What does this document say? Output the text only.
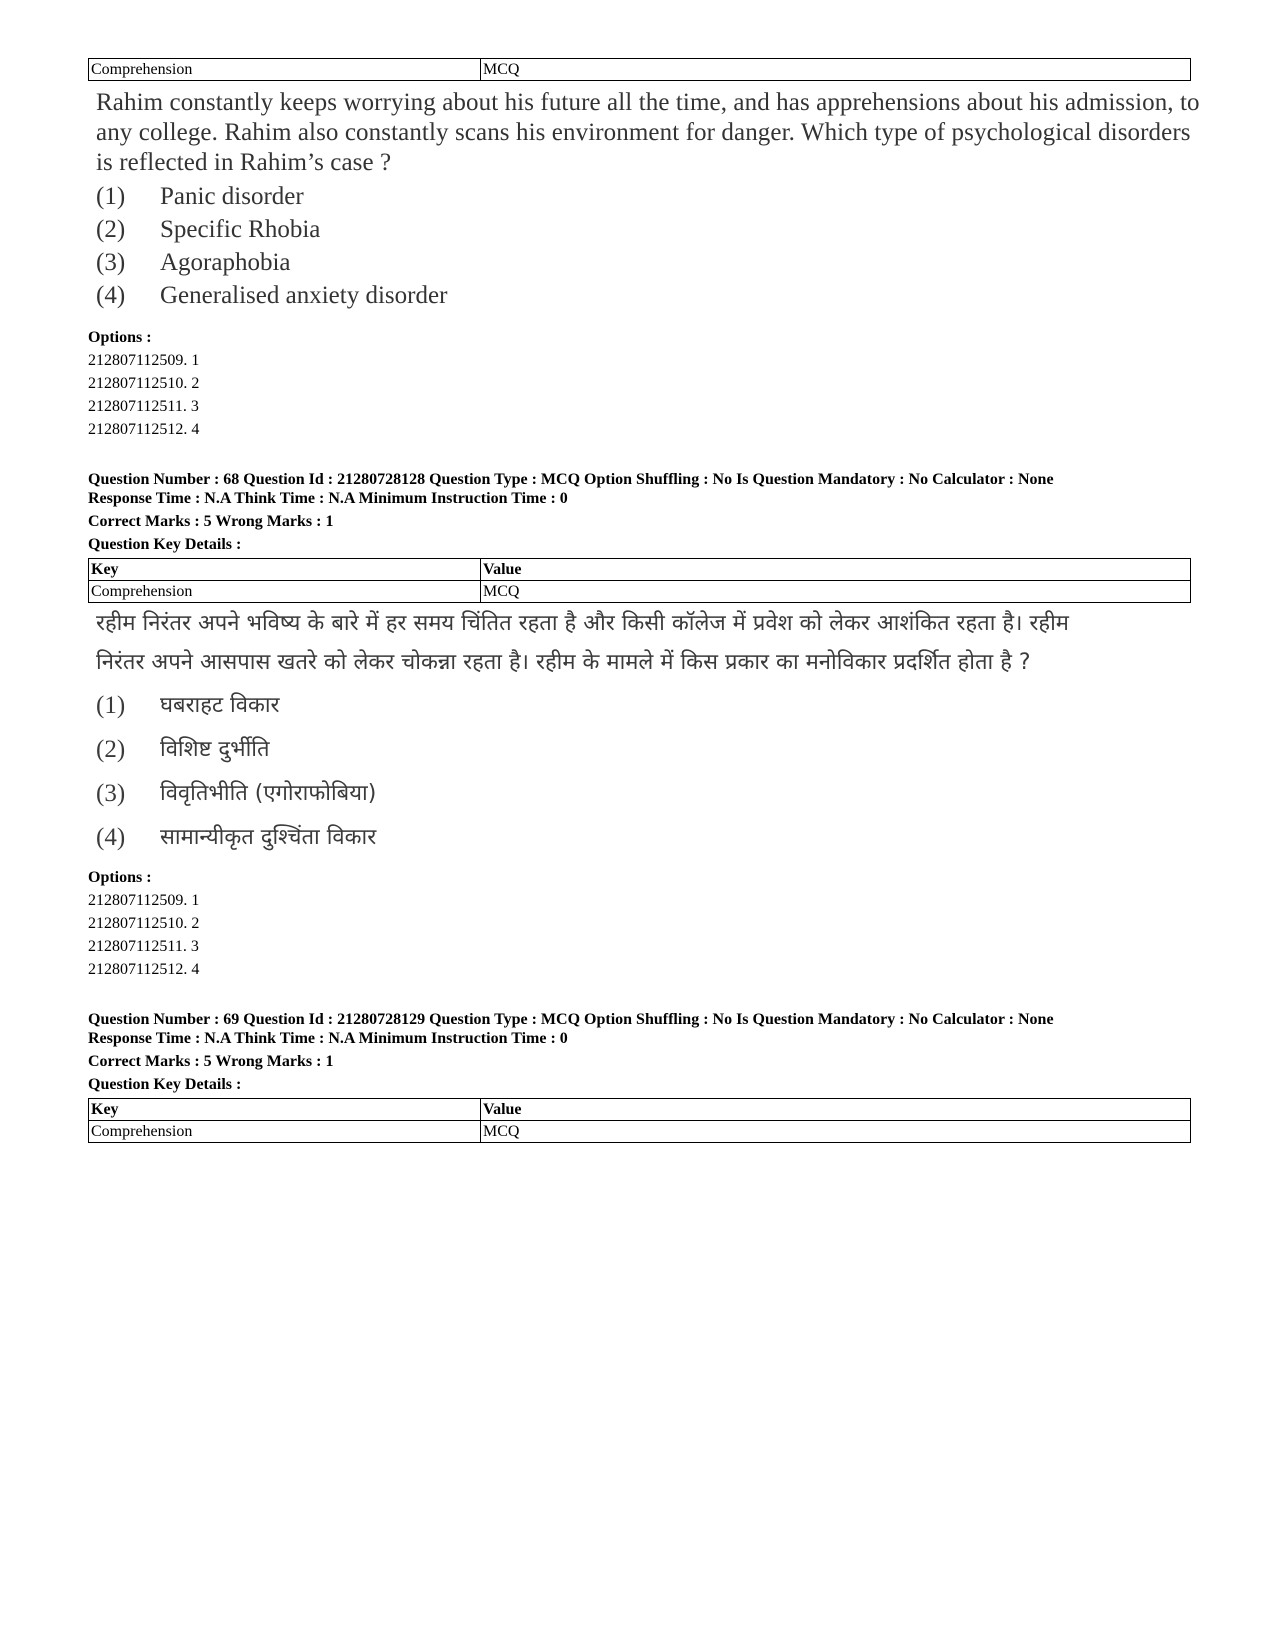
Comprehension	MCQ
Rahim constantly keeps worrying about his future all the time, and has apprehensions about his admission, to any college. Rahim also constantly scans his environment for danger. Which type of psychological disorders is reflected in Rahim’s case ?
(1)	Panic disorder
(2)	Specific Rhobia
(3)	Agoraphobia
(4)	Generalised anxiety disorder
Options :
212807112509. 1
212807112510. 2
212807112511. 3
212807112512. 4
Question Number : 68 Question Id : 21280728128 Question Type : MCQ Option Shuffling : No Is Question Mandatory : No Calculator : None
Response Time : N.A Think Time : N.A Minimum Instruction Time : 0
Correct Marks : 5 Wrong Marks : 1
Question Key Details :
Key	Value
Comprehension	MCQ
रहीम निरंतर अपने भविष्य के बारे में हर समय चिंतित रहता है और किसी कॉलेज में प्रवेश को लेकर आशंकित रहता है। रहीम
निरंतर अपने आसपास खतरे को लेकर चोकन्ना रहता है। रहीम के मामले में किस प्रकार का मनोविकार प्रदर्शित होता है ?
(1)	घबराहट विकार
(2)	विशिष्ट दुर्भीति
(3)	विवृतिभीति (एगोराफोबिया)
(4)	सामान्यीकृत दुश्चिंता विकार
Options :
212807112509. 1
212807112510. 2
212807112511. 3
212807112512. 4
Question Number : 69 Question Id : 21280728129 Question Type : MCQ Option Shuffling : No Is Question Mandatory : No Calculator : None
Response Time : N.A Think Time : N.A Minimum Instruction Time : 0
Correct Marks : 5 Wrong Marks : 1
Question Key Details :
Key	Value
Comprehension	MCQ
